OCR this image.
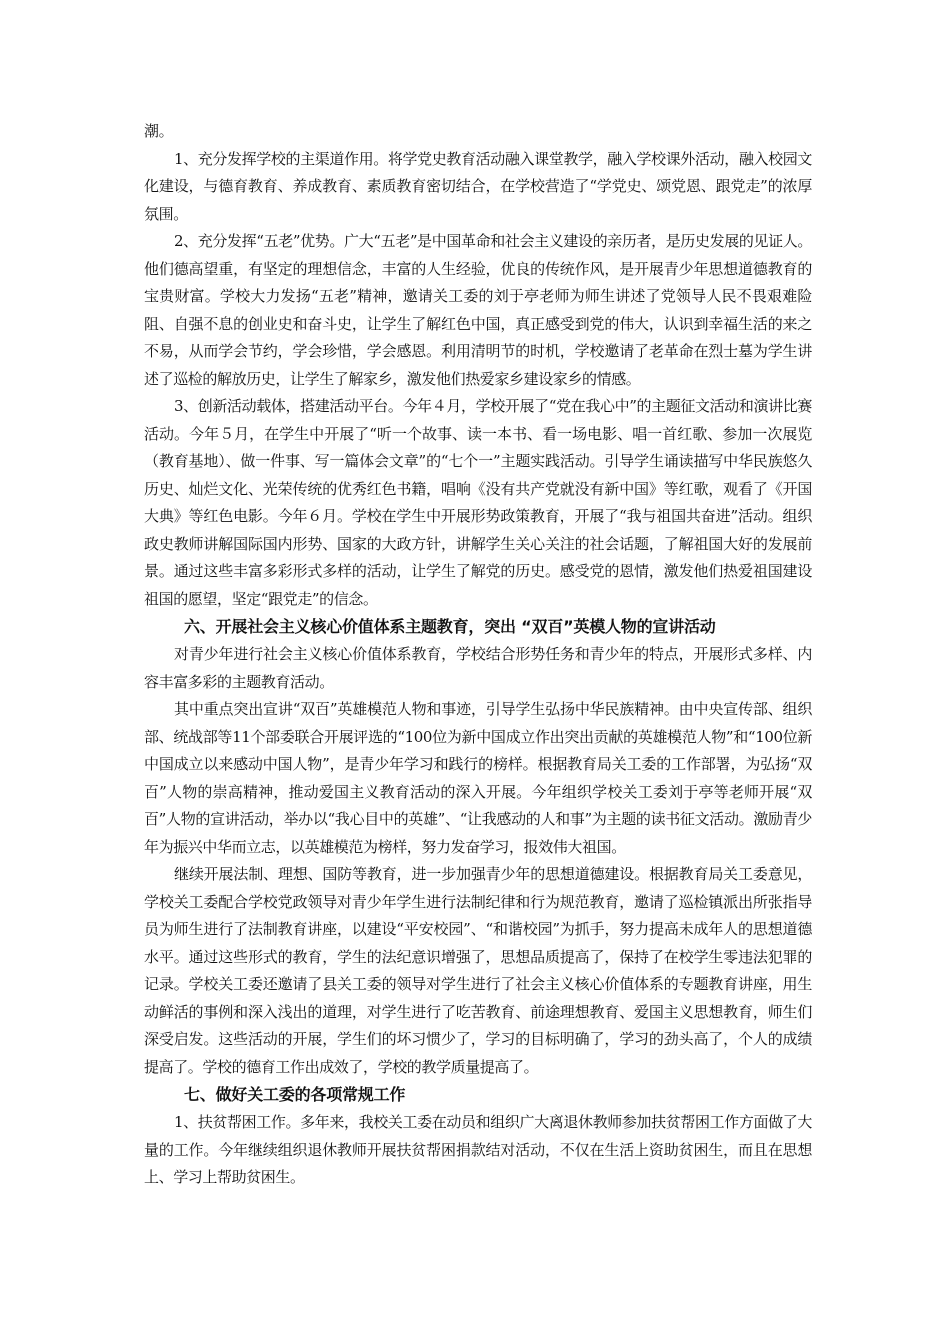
潮。

1、充分发挥学校的主渠道作用。将学党史教育活动融入课堂教学，融入学校课外活动，融入校园文化建设，与德育教育、养成教育、素质教育密切结合，在学校营造了“学党史、颂党恩、跟党走”的浓厚氛围。

2、充分发挥“五老”优势。广大“五老”是中国革命和社会主义建设的亲历者，是历史发展的见证人。他们德高望重，有坚定的理想信念，丰富的人生经验，优良的传统作风，是开展青少年思想道德教育的宝贵财富。学校大力发扬“五老”精神，邀请关工委的刘于亭老师为师生讲述了党领导人民不畏艰难险阻、自强不息的创业史和奋斗史，让学生了解红色中国，真正感受到党的伟大，认识到幸福生活的来之不易，从而学会节约，学会珍惜，学会感恩。利用清明节的时机，学校邀请了老革命在烈士墓为学生讲述了巡检的解放历史，让学生了解家乡，激发他们热爱家乡建设家乡的情感。

3、创新活动载体，搭建活动平台。今年４月，学校开展了“党在我心中”的主题征文活动和演讲比赛活动。今年５月，在学生中开展了“听一个故事、读一本书、看一场电影、唱一首红歌、参加一次展览（教育基地）、做一件事、写一篇体会文章”的“七个一”主题实践活动。引导学生诵读描写中华民族悠久历史、灿烂文化、光荣传统的优秀红色书籍，唱响《没有共产党就没有新中国》等红歌，观看了《开国大典》等红色电影。今年６月。学校在学生中开展形势政策教育，开展了“我与祖国共奋进”活动。组织政史教师讲解国际国内形势、国家的大政方针，讲解学生关心关注的社会话题，了解祖国大好的发展前景。通过这些丰富多彩形式多样的活动，让学生了解党的历史。感受党的恩情，激发他们热爱祖国建设祖国的愿望，坚定“跟党走”的信念。

六、开展社会主义核心价值体系主题教育，突出 “双百”英模人物的宣讲活动

对青少年进行社会主义核心价值体系教育，学校结合形势任务和青少年的特点，开展形式多样、内容丰富多彩的主题教育活动。

其中重点突出宣讲“双百”英雄模范人物和事迹，引导学生弘扬中华民族精神。由中央宣传部、组织部、统战部等11个部委联合开展评选的“100位为新中国成立作出突出贡献的英雄模范人物”和“100位新中国成立以来感动中国人物”，是青少年学习和践行的榜样。根据教育局关工委的工作部署，为弘扬“双百”人物的崇高精神，推动爱国主义教育活动的深入开展。今年组织学校关工委刘于亭等老师开展“双百”人物的宣讲活动，举办以“我心目中的英雄”、“让我感动的人和事”为主题的读书征文活动。激励青少年为振兴中华而立志，以英雄模范为榜样，努力发奋学习，报效伟大祖国。

继续开展法制、理想、国防等教育，进一步加强青少年的思想道德建设。根据教育局关工委意见，学校关工委配合学校党政领导对青少年学生进行法制纪律和行为规范教育，邀请了巡检镇派出所张指导员为师生进行了法制教育讲座，以建设“平安校园”、“和谐校园”为抓手，努力提高未成年人的思想道德水平。通过这些形式的教育，学生的法纪意识增强了，思想品质提高了，保持了在校学生零违法犯罪的记录。学校关工委还邀请了县关工委的领导对学生进行了社会主义核心价值体系的专题教育讲座，用生动鲜活的事例和深入浅出的道理，对学生进行了吃苦教育、前途理想教育、爱国主义思想教育，师生们深受启发。这些活动的开展，学生们的坏习惯少了，学习的目标明确了，学习的劲头高了，个人的成绩提高了。学校的德育工作出成效了，学校的教学质量提高了。

七、做好关工委的各项常规工作

1、扶贫帮困工作。多年来，我校关工委在动员和组织广大离退休教师参加扶贫帮困工作方面做了大量的工作。今年继续组织退休教师开展扶贫帮困捐款结对活动，不仅在生活上资助贫困生，而且在思想上、学习上帮助贫困生。
